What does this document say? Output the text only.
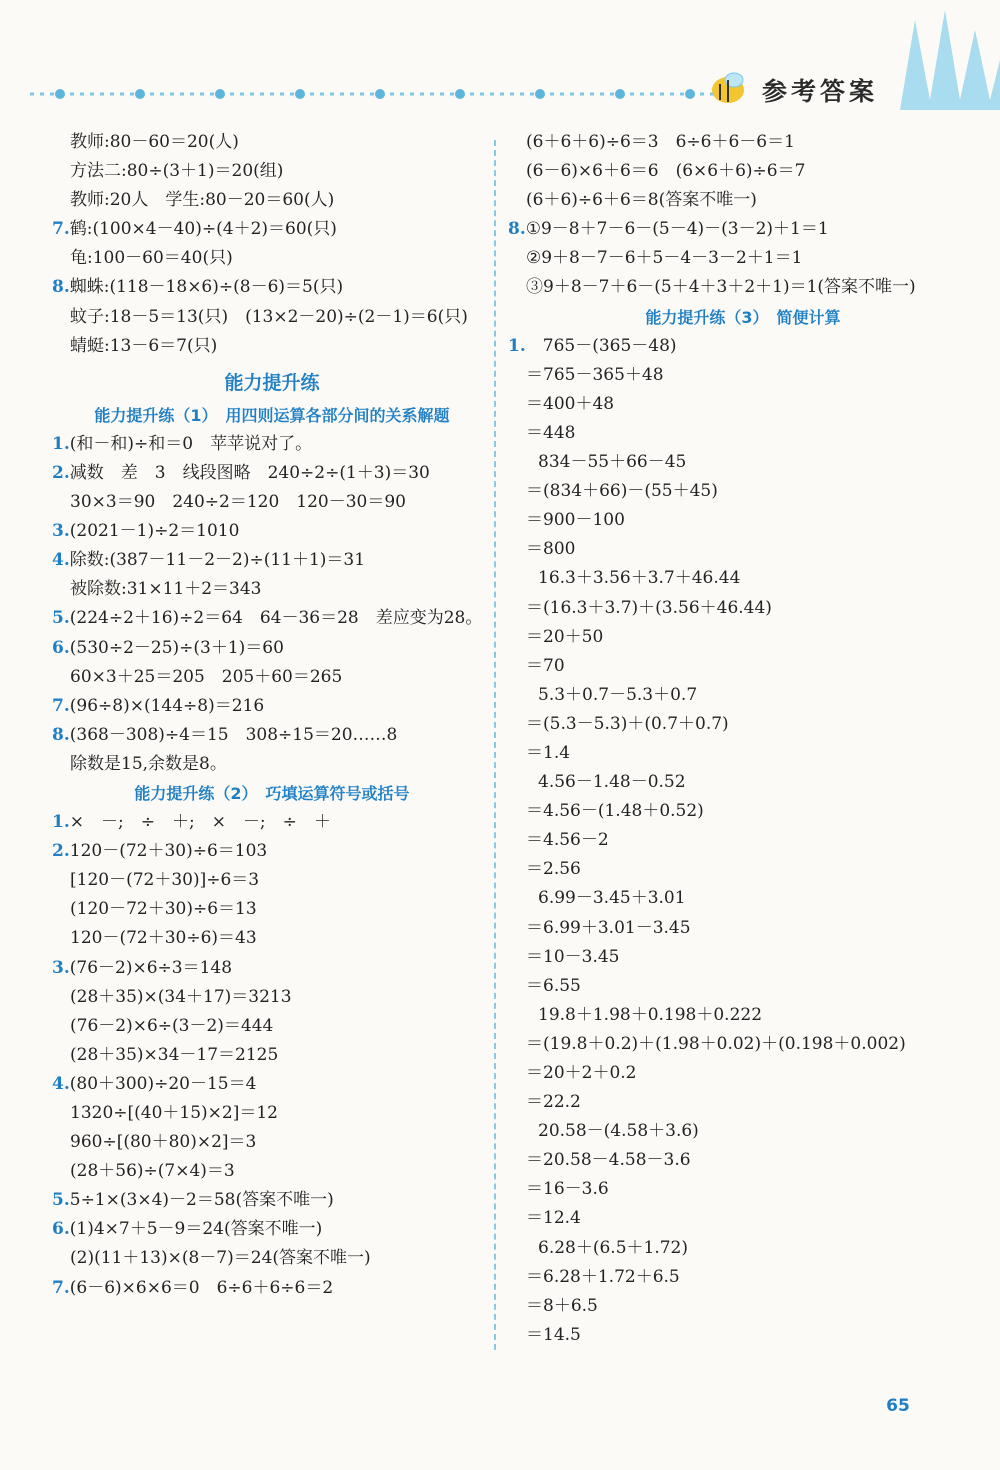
参考答案
教师:80－60＝20(人)
方法二:80÷(3＋1)＝20(组)
教师:20人　学生:80－20＝60(人)
7.鹤:(100×4－40)÷(4＋2)＝60(只)
龟:100－60＝40(只)
8.蜘蛛:(118－18×6)÷(8－6)＝5(只)
蚊子:18－5＝13(只)　(13×2－20)÷(2－1)＝6(只)
蜻蜓:13－6＝7(只)
能力提升练
能力提升练（1）　用四则运算各部分间的关系解题
1.(和－和)÷和＝0　苹苹说对了。
2.减数　差　3　线段图略　240÷2÷(1＋3)＝30
30×3＝90　240÷2＝120　120－30＝90
3.(2021－1)÷2＝1010
4.除数:(387－11－2－2)÷(11＋1)＝31
被除数:31×11＋2＝343
5.(224÷2＋16)÷2＝64　64－36＝28　差应变为28。
6.(530÷2－25)÷(3＋1)＝60
60×3＋25＝205　205＋60＝265
7.(96÷8)×(144÷8)＝216
8.(368－308)÷4＝15　308÷15＝20……8
除数是15,余数是8。
能力提升练（2）　巧填运算符号或括号
1.×　－;　÷　＋;　×　－;　÷　＋
2.120－(72＋30)÷6＝103
[120－(72＋30)]÷6＝3
(120－72＋30)÷6＝13
120－(72＋30÷6)＝43
3.(76－2)×6÷3＝148
(28＋35)×(34＋17)＝3213
(76－2)×6÷(3－2)＝444
(28＋35)×34－17＝2125
4.(80＋300)÷20－15＝4
1320÷[(40＋15)×2]＝12
960÷[(80＋80)×2]＝3
(28＋56)÷(7×4)＝3
5.5÷1×(3×4)－2＝58(答案不唯一)
6.(1)4×7＋5－9＝24(答案不唯一)
(2)(11＋13)×(8－7)＝24(答案不唯一)
7.(6－6)×6×6＝0　6÷6＋6÷6＝2
(6＋6＋6)÷6＝3　6÷6＋6－6＝1
(6－6)×6＋6＝6　(6×6＋6)÷6＝7
(6＋6)÷6＋6＝8(答案不唯一)
8.①9－8＋7－6－(5－4)－(3－2)＋1＝1
②9＋8－7－6＋5－4－3－2＋1＝1
③9＋8－7＋6－(5＋4＋3＋2＋1)＝1(答案不唯一)
能力提升练（3）　简便计算
1.　765－(365－48)
＝765－365＋48
＝400＋48
＝448
834－55＋66－45
＝(834＋66)－(55＋45)
＝900－100
＝800
16.3＋3.56＋3.7＋46.44
＝(16.3＋3.7)＋(3.56＋46.44)
＝20＋50
＝70
5.3＋0.7－5.3＋0.7
＝(5.3－5.3)＋(0.7＋0.7)
＝1.4
4.56－1.48－0.52
＝4.56－(1.48＋0.52)
＝4.56－2
＝2.56
6.99－3.45＋3.01
＝6.99＋3.01－3.45
＝10－3.45
＝6.55
19.8＋1.98＋0.198＋0.222
＝(19.8＋0.2)＋(1.98＋0.02)＋(0.198＋0.002)
＝20＋2＋0.2
＝22.2
20.58－(4.58＋3.6)
＝20.58－4.58－3.6
＝16－3.6
＝12.4
6.28＋(6.5＋1.72)
＝6.28＋1.72＋6.5
＝8＋6.5
＝14.5
65
